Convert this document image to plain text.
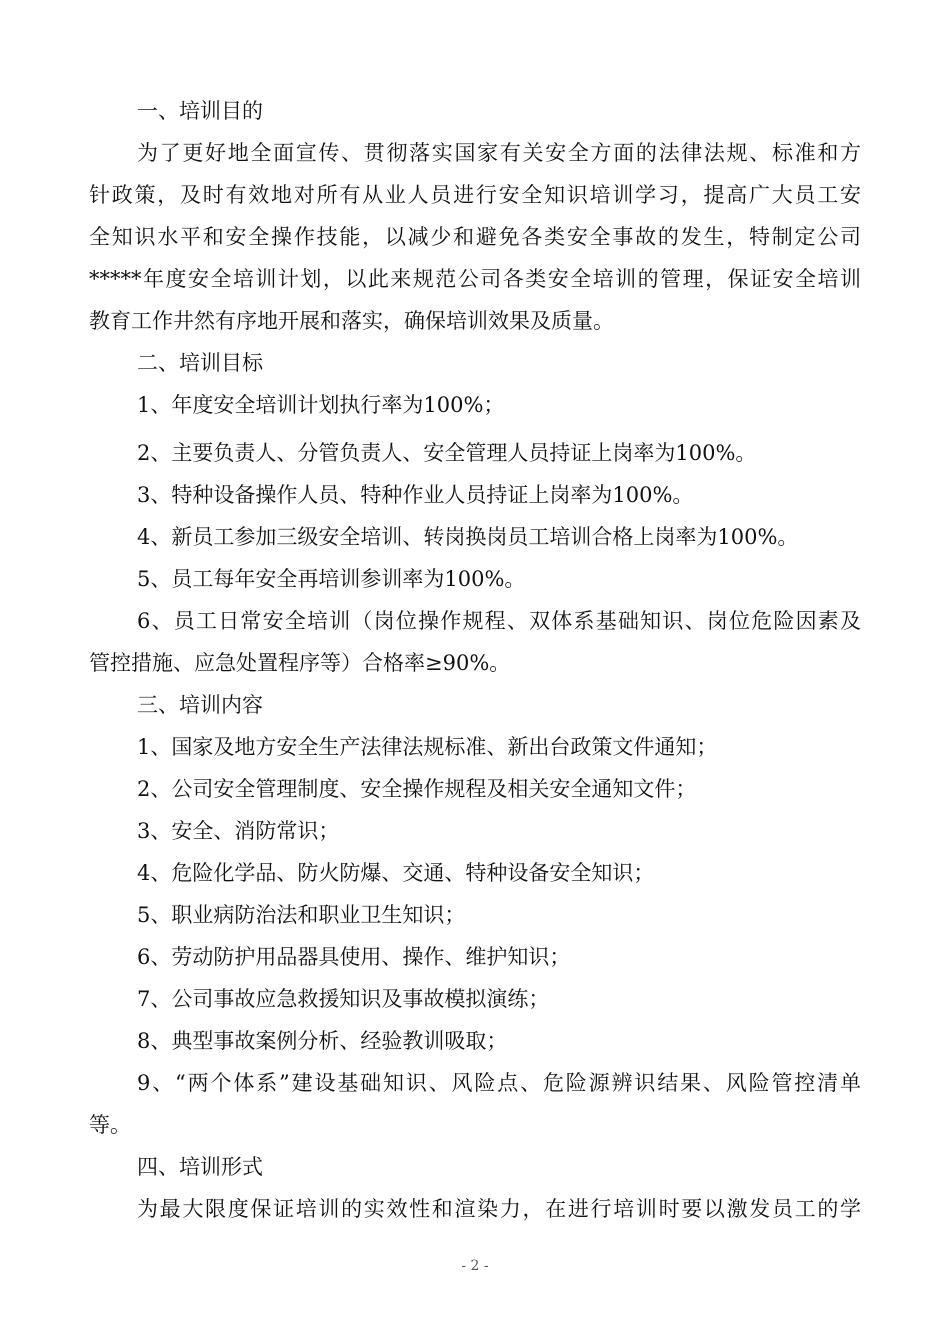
一、培训目的
为了更好地全面宣传、贯彻落实国家有关安全方面的法律法规、标准和方
针政策，及时有效地对所有从业人员进行安全知识培训学习，提高广大员工安
全知识水平和安全操作技能，以减少和避免各类安全事故的发生，特制定公司
*****年度安全培训计划，以此来规范公司各类安全培训的管理，保证安全培训
教育工作井然有序地开展和落实，确保培训效果及质量。
二、培训目标
1、年度安全培训计划执行率为100%；
2、主要负责人、分管负责人、安全管理人员持证上岗率为100%。
3、特种设备操作人员、特种作业人员持证上岗率为100%。
4、新员工参加三级安全培训、转岗换岗员工培训合格上岗率为100%。
5、员工每年安全再培训参训率为100%。
6、员工日常安全培训（岗位操作规程、双体系基础知识、岗位危险因素及
管控措施、应急处置程序等）合格率≥90%。
三、培训内容
1、国家及地方安全生产法律法规标准、新出台政策文件通知；
2、公司安全管理制度、安全操作规程及相关安全通知文件；
3、安全、消防常识；
4、危险化学品、防火防爆、交通、特种设备安全知识；
5、职业病防治法和职业卫生知识；
6、劳动防护用品器具使用、操作、维护知识；
7、公司事故应急救援知识及事故模拟演练；
8、典型事故案例分析、经验教训吸取；
9、“两个体系”建设基础知识、风险点、危险源辨识结果、风险管控清单
等。
四、培训形式
为最大限度保证培训的实效性和渲染力，在进行培训时要以激发员工的学
- 2 -
